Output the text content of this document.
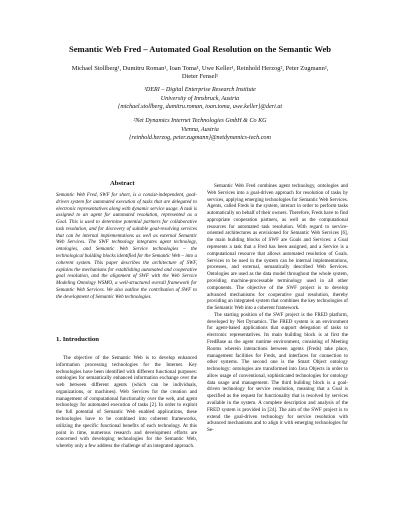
Semantic Web Fred – Automated Goal Resolution on the Semantic Web
Michael Stollberg¹, Dumitru Roman¹, Ioan Toma¹, Uwe Keller¹, Reinhold Herzog², Peter Zugmann²,
Dieter Fensel¹
¹DERI – Digital Enterprise Research Institute
University of Innsbruck, Austria
{michael.stollberg, dumitru.roman, ioan.toma, uwe.keller}@deri.at
²Net Dynamics Internet Technologies GmbH & Co KG
Vienna, Austria
{reinhold.herzog, peter.zugmann}@netdynamics-tech.com
Abstract
Semantic Web Fred, SWF for short, is a consist-independent, goal-driven system for automated execution of tasks that are delegated to electronic representatives along with dynamic service usage. A task is assigned to an agent for automated resolution, represented as a Goal. This is used to determine potential partners for collaborative task resolution, and for discovery of suitable goal-resolving services that can be internal implementations as well as external Semantic Web Services. The SWF technology integrates agent technology, ontologies, and Semantic Web Service technologies – the technological building blocks identified for the Semantic Web – into a coherent system. This paper describes the architecture of SWF, explains the mechanisms for establishing automated and cooperative goal resolution, and the alignment of SWF with the Web Service Modeling Ontology WSMO, a well-structured overall framework for Semantic Web Services. We also outline the contribution of SWF to the development of Semantic Web technologies.
1. Introduction

The objective of the Semantic Web is to develop enhanced information processing technologies for the Internet. Key technologies have been identified with different functional purposes: ontologies for semantically enhanced information exchange over the web between different agents (which can be individuals, organizations, or machines). Web Services for the creation and management of computational functionality over the web, and agent technology for automated execution of tasks [2]. In order to exploit the full potential of Semantic Web enabled applications, these technologies have to be combined into coherent frameworks, utilizing the specific functional benefits of each technology. At this point in time, numerous research and development efforts are concerned with developing technologies for the Semantic Web, whereby only a few address the challenge of an integrated approach.

Semantic Web Fred combines agent technology, ontologies and Web Services into a goal-driven approach for resolution of tasks by services, applying emerging technologies for Semantic Web Services. Agents, called Freds in the system, interact in order to perform tasks automatically on behalf of their owners. Therefore, Freds have to find appropriate cooperation partners, as well as the computational resources for automated task resolution. With regard to service-oriented architectures as envisioned for Semantic Web Services [6], the main building blocks of SWF are Goals and Services: a Goal represents a task that a Fred has been assigned, and a Service is a computational resource that allows automated resolution of Goals. Services to be used in the system can be internal implementations, processes, and external, semantically described Web Services. Ontologies are used as the data model throughout the whole system, providing machine-processable terminology used in all other components. The objective of the SWF project is to develop advanced mechanisms for cooperative goal resolution, thereby providing an integrated system that combines the key technologies of the Semantic Web into a coherent framework.

The starting position of the SWF project is the FRED platform, developed by Net Dynamics. The FRED system is an environment for agent-based applications that support delegation of tasks to electronic representatives. Its main building block is at first the FredBase as the agent runtime environment, consisting of Meeting Rooms wherein interactions between agents (Freds) take place, management facilities for Freds, and interfaces for connection to other systems. The second one is the Smart Object ontology technology: ontologies are transformed into Java Objects in order to allow usage of conventional, sophisticated technologies for ontology data usage and management. The third building block is a goal-driven technology for service resolution, meaning that a Goal is specified as the request for functionality that is resolved by services available in the system. A complete description and analysis of the FRED system is provided in [24]. The aim of the SWF project is to extend the goal-driven technology for service resolution with advanced mechanisms and to align it with emerging technologies for Se-
